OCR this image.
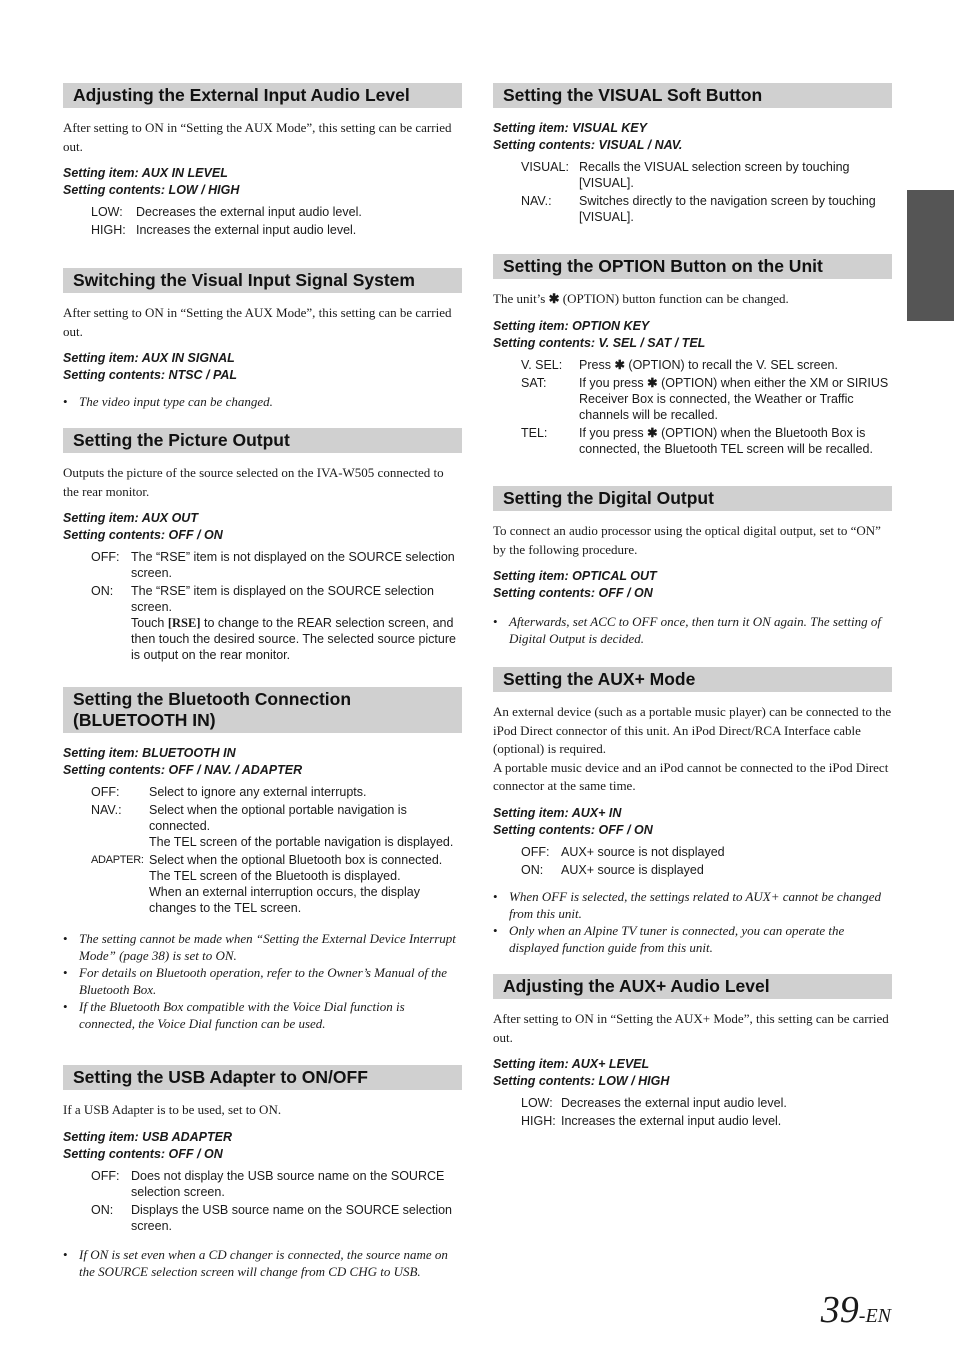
Adjusting the External Input Audio Level

After setting to ON in “Setting the AUX Mode”, this setting can be carried out.

Setting item: AUX IN LEVEL
Setting contents: LOW / HIGH
LOW:	Decreases the external input audio level.
HIGH: Increases the external input audio level.
Switching the Visual Input Signal System

After setting to ON in “Setting the AUX Mode”, this setting can be carried out.

Setting item: AUX IN SIGNAL
Setting contents: NTSC / PAL
• The video input type can be changed.
Setting the Picture Output

Outputs the picture of the source selected on the IVA-W505 connected to the rear monitor.

Setting item: AUX OUT
Setting contents: OFF / ON
OFF: The “RSE” item is not displayed on the SOURCE selection screen.
ON:	The “RSE” item is displayed on the SOURCE selection screen.
Touch [RSE] to change to the REAR selection screen, and then touch the desired source. The selected source picture is output on the rear monitor.
Setting the Bluetooth Connection
(BLUETOOTH IN)
Setting item: BLUETOOTH IN
Setting contents: OFF / NAV. / ADAPTER
OFF:	Select to ignore any external interrupts.
NAV.:	Select when the optional portable navigation is connected.
The TEL screen of the portable navigation is displayed.
ADAPTER: Select when the optional Bluetooth box is connected.
The TEL screen of the Bluetooth is displayed.
When an external interruption occurs, the display changes to the TEL screen.
• The setting cannot be made when “Setting the External Device Interrupt Mode” (page 38) is set to ON.
• For details on Bluetooth operation, refer to the Owner’s Manual of the Bluetooth Box.
• If the Bluetooth Box compatible with the Voice Dial function is connected, the Voice Dial function can be used.
Setting the USB Adapter to ON/OFF

If a USB Adapter is to be used, set to ON.

Setting item: USB ADAPTER
Setting contents: OFF / ON
OFF: Does not display the USB source name on the SOURCE selection screen.
ON:	Displays the USB source name on the SOURCE selection screen.
• If ON is set even when a CD changer is connected, the source name on the SOURCE selection screen will change from CD CHG to USB.
Setting the VISUAL Soft Button
Setting item: VISUAL KEY
Setting contents: VISUAL / NAV.
VISUAL: Recalls the VISUAL selection screen by touching [VISUAL].
NAV.:	Switches directly to the navigation screen by touching [VISUAL].
Setting the OPTION Button on the Unit

The unit’s ✱ (OPTION) button function can be changed.

Setting item: OPTION KEY
Setting contents: V. SEL / SAT / TEL
V. SEL:	Press ✱ (OPTION) to recall the V. SEL screen.
SAT:	If you press ✱ (OPTION) when either the XM or SIRIUS Receiver Box is connected, the Weather or Traffic channels will be recalled.
TEL:	If you press ✱ (OPTION) when the Bluetooth Box is connected, the Bluetooth TEL screen will be recalled.
Setting the Digital Output

To connect an audio processor using the optical digital output, set to “ON” by the following procedure.

Setting item: OPTICAL OUT
Setting contents: OFF / ON
• Afterwards, set ACC to OFF once, then turn it ON again. The setting of Digital Output is decided.
Setting the AUX+ Mode

An external device (such as a portable music player) can be connected to the iPod Direct connector of this unit. An iPod Direct/RCA Interface cable (optional) is required.

A portable music device and an iPod cannot be connected to the iPod Direct connector at the same time.

Setting item: AUX+ IN
Setting contents: OFF / ON
OFF: AUX+ source is not displayed
ON:	AUX+ source is displayed
• When OFF is selected, the settings related to AUX+ cannot be changed from this unit.
• Only when an Alpine TV tuner is connected, you can operate the displayed function guide from this unit.
Adjusting the AUX+ Audio Level

After setting to ON in “Setting the AUX+ Mode”, this setting can be carried out.

Setting item: AUX+ LEVEL
Setting contents: LOW / HIGH
LOW: Decreases the external input audio level.
HIGH: Increases the external input audio level.
39-EN
